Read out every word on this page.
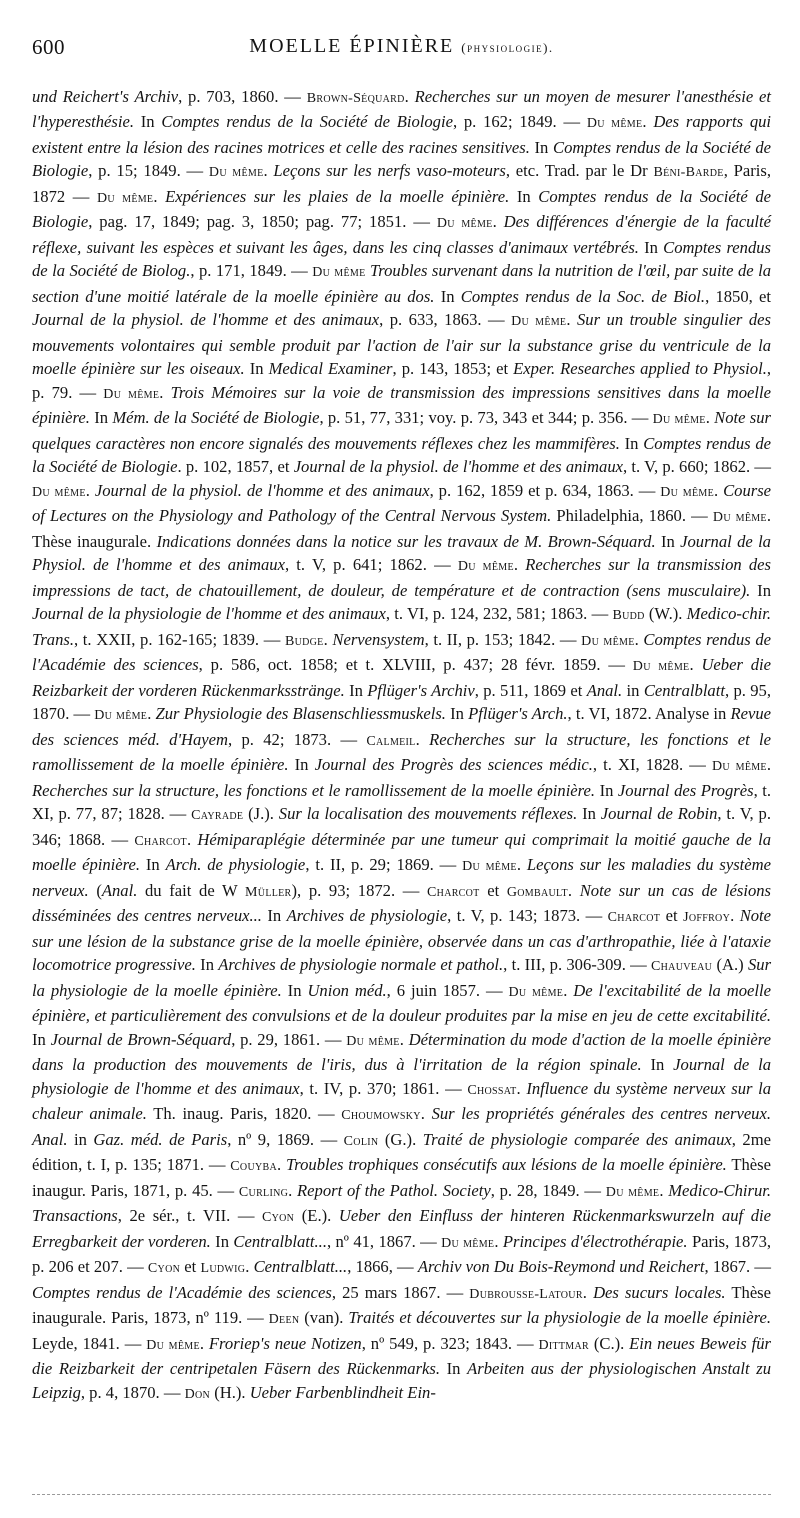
600	MOELLE ÉPINIÈRE (physiologie).

und Reichert's Archiv, p. 703, 1860. — Brown-Séquard. Recherches sur un moyen de mesurer l'anesthésie et l'hyperesthésie. In Comptes rendus de la Société de Biologie, p. 162; 1849. — Du même. Des rapports qui existent entre la lésion des racines motrices et celle des racines sensitives. In Comptes rendus de la Société de Biologie, p. 15; 1849. — Du même. Leçons sur les nerfs vaso-moteurs, etc. Trad. par le Dr Béni-Barde, Paris, 1872 — Du même. Expériences sur les plaies de la moelle épinière. In Comptes rendus de la Société de Biologie, pag. 17, 1849; pag. 3, 1850; pag. 77; 1851. — Du même. Des différences d'énergie de la faculté réflexe, suivant les espèces et suivant les âges, dans les cinq classes d'animaux vertébrés. In Comptes rendus de la Société de Biolog., p. 171, 1849. — Du même Troubles survenant dans la nutrition de l'œil, par suite de la section d'une moitié latérale de la moelle épinière au dos. In Comptes rendus de la Soc. de Biol., 1850, et Journal de la physiol. de l'homme et des animaux, p. 633, 1863. — Du même. Sur un trouble singulier des mouvements volontaires qui semble produit par l'action de l'air sur la substance grise du ventricule de la moelle épinière sur les oiseaux. In Medical Examiner, p. 143, 1853; et Exper. Researches applied to Physiol., p. 79. — Du même. Trois Mémoires sur la voie de transmission des impressions sensitives dans la moelle épinière. In Mém. de la Société de Biologie, p. 51, 77, 331; voy. p. 73, 343 et 344; p. 356. — Du même. Note sur quelques caractères non encore signalés des mouvements réflexes chez les mammifères. In Comptes rendus de la Société de Biologie. p. 102, 1857, et Journal de la physiol. de l'homme et des animaux, t. V, p. 660; 1862. — Du même. Journal de la physiol. de l'homme et des animaux, p. 162, 1859 et p. 634, 1863. — Du même. Course of Lectures on the Physiology and Pathology of the Central Nervous System. Philadelphia, 1860. — Du même. Thèse inaugurale. Indications données dans la notice sur les travaux de M. Brown-Séquard. In Journal de la Physiol. de l'homme et des animaux, t. V, p. 641; 1862. — Du même. Recherches sur la transmission des impressions de tact, de chatouillement, de douleur, de température et de contraction (sens musculaire). In Journal de la physiologie de l'homme et des animaux, t. VI, p. 124, 232, 581; 1863. — Budd (W.). Medico-chir. Trans., t. XXII, p. 162-165; 1839. — Budge. Nervensystem, t. II, p. 153; 1842. — Du même. Comptes rendus de l'Académie des sciences, p. 586, oct. 1858; et t. XLVIII, p. 437; 28 févr. 1859. — Du même. Ueber die Reizbarkeit der vorderen Rückenmarksstränge. In Pflüger's Archiv, p. 511, 1869 et Anal. in Centralblatt, p. 95, 1870. — Du même. Zur Physiologie des Blasenschliessmuskels. In Pflüger's Arch., t. VI, 1872. Analyse in Revue des sciences méd. d'Hayem, p. 42; 1873. — Calmeil. Recherches sur la structure, les fonctions et le ramollissement de la moelle épinière. In Journal des Progrès des sciences médic., t. XI, 1828. — Du même. Recherches sur la structure, les fonctions et le ramollissement de la moelle épinière. In Journal des Progrès, t. XI, p. 77, 87; 1828. — Cayrade (J.). Sur la localisation des mouvements réflexes. In Journal de Robin, t. V, p. 346; 1868. — Charcot. Hémiparaplégie déterminée par une tumeur qui comprimait la moitié gauche de la moelle épinière. In Arch. de physiologie, t. II, p. 29; 1869. — Du même. Leçons sur les maladies du système nerveux. (Anal. du fait de W Müller), p. 93; 1872. — Charcot et Gombault. Note sur un cas de lésions disséminées des centres nerveux... In Archives de physiologie, t. V, p. 143; 1873. — Charcot et Joffroy. Note sur une lésion de la substance grise de la moelle épinière, observée dans un cas d'arthropathie, liée à l'ataxie locomotrice progressive. In Archives de physiologie normale et pathol., t. III, p. 306-309. — Chauveau (A.) Sur la physiologie de la moelle épinière. In Union méd., 6 juin 1857. — Du même. De l'excitabilité de la moelle épinière, et particulièrement des convulsions et de la douleur produites par la mise en jeu de cette excitabilité. In Journal de Brown-Séquard, p. 29, 1861. — Du même. Détermination du mode d'action de la moelle épinière dans la production des mouvements de l'iris, dus à l'irritation de la région spinale. In Journal de la physiologie de l'homme et des animaux, t. IV, p. 370; 1861. — Chossat. Influence du système nerveux sur la chaleur animale. Th. inaug. Paris, 1820. — Choumowsky. Sur les propriétés générales des centres nerveux. Anal. in Gaz. méd. de Paris, nº 9, 1869. — Colin (G.). Traité de physiologie comparée des animaux, 2me édition, t. I, p. 135; 1871. — Couyba. Troubles trophiques consécutifs aux lésions de la moelle épinière. Thèse inaugur. Paris, 1871, p. 45. — Curling. Report of the Pathol. Society, p. 28, 1849. — Du même. Medico-Chirur. Transactions, 2e sér., t. VII. — Cyon (E.). Ueber den Einfluss der hinteren Rückenmarkswurzeln auf die Erregbarkeit der vorderen. In Centralblatt..., nº 41, 1867. — Du même. Principes d'électrothérapie. Paris, 1873, p. 206 et 207. — Cyon et Ludwig. Centralblatt..., 1866, — Archiv von Du Bois-Reymond und Reichert, 1867. — Comptes rendus de l'Académie des sciences, 25 mars 1867. — Dubrousse-Latour. Des sucurs locales. Thèse inaugurale. Paris, 1873, nº 119. — Deen (van). Traités et découvertes sur la physiologie de la moelle épinière. Leyde, 1841. — Du même. Froriep's neue Notizen, nº 549, p. 323; 1843. — Dittmar (C.). Ein neues Beweis für die Reizbarkeit der centripetalen Fäsern des Rückenmarks. In Arbeiten aus der physiologischen Anstalt zu Leipzig, p. 4, 1870. — Don (H.). Ueber Farbenblindheit Ein-
